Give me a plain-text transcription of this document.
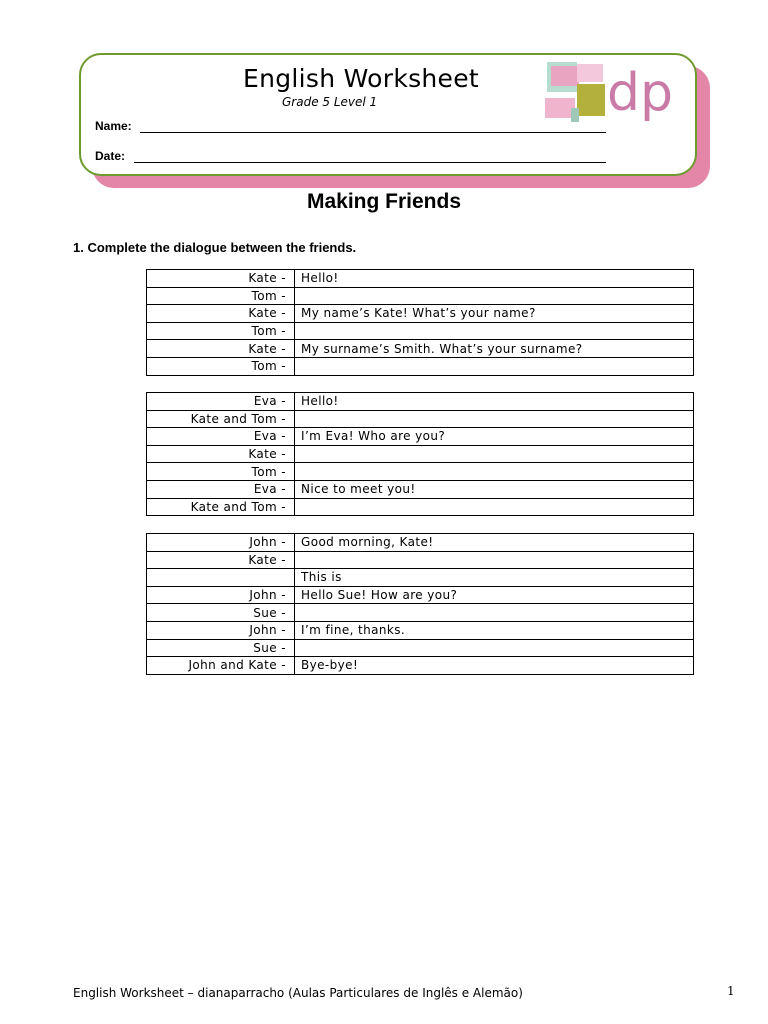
English Worksheet
Grade 5 Level 1
Name:
Date:
dp
Making Friends
1. Complete the dialogue between the friends.
Kate -	Hello!
Tom -	
Kate -	My name’s Kate! What’s your name?
Tom -	
Kate -	My surname’s Smith. What’s your surname?
Tom -	
Eva -	Hello!
Kate and Tom -	
Eva -	I’m Eva! Who are you?
Kate -	
Tom -	
Eva -	Nice to meet you!
Kate and Tom -	
John -	Good morning, Kate!
Kate -	
	This is
John -	Hello Sue! How are you?
Sue -	
John -	I’m fine, thanks.
Sue -	
John and Kate -	Bye-bye!
English Worksheet – dianaparracho (Aulas Particulares de Inglês e Alemão)	1
